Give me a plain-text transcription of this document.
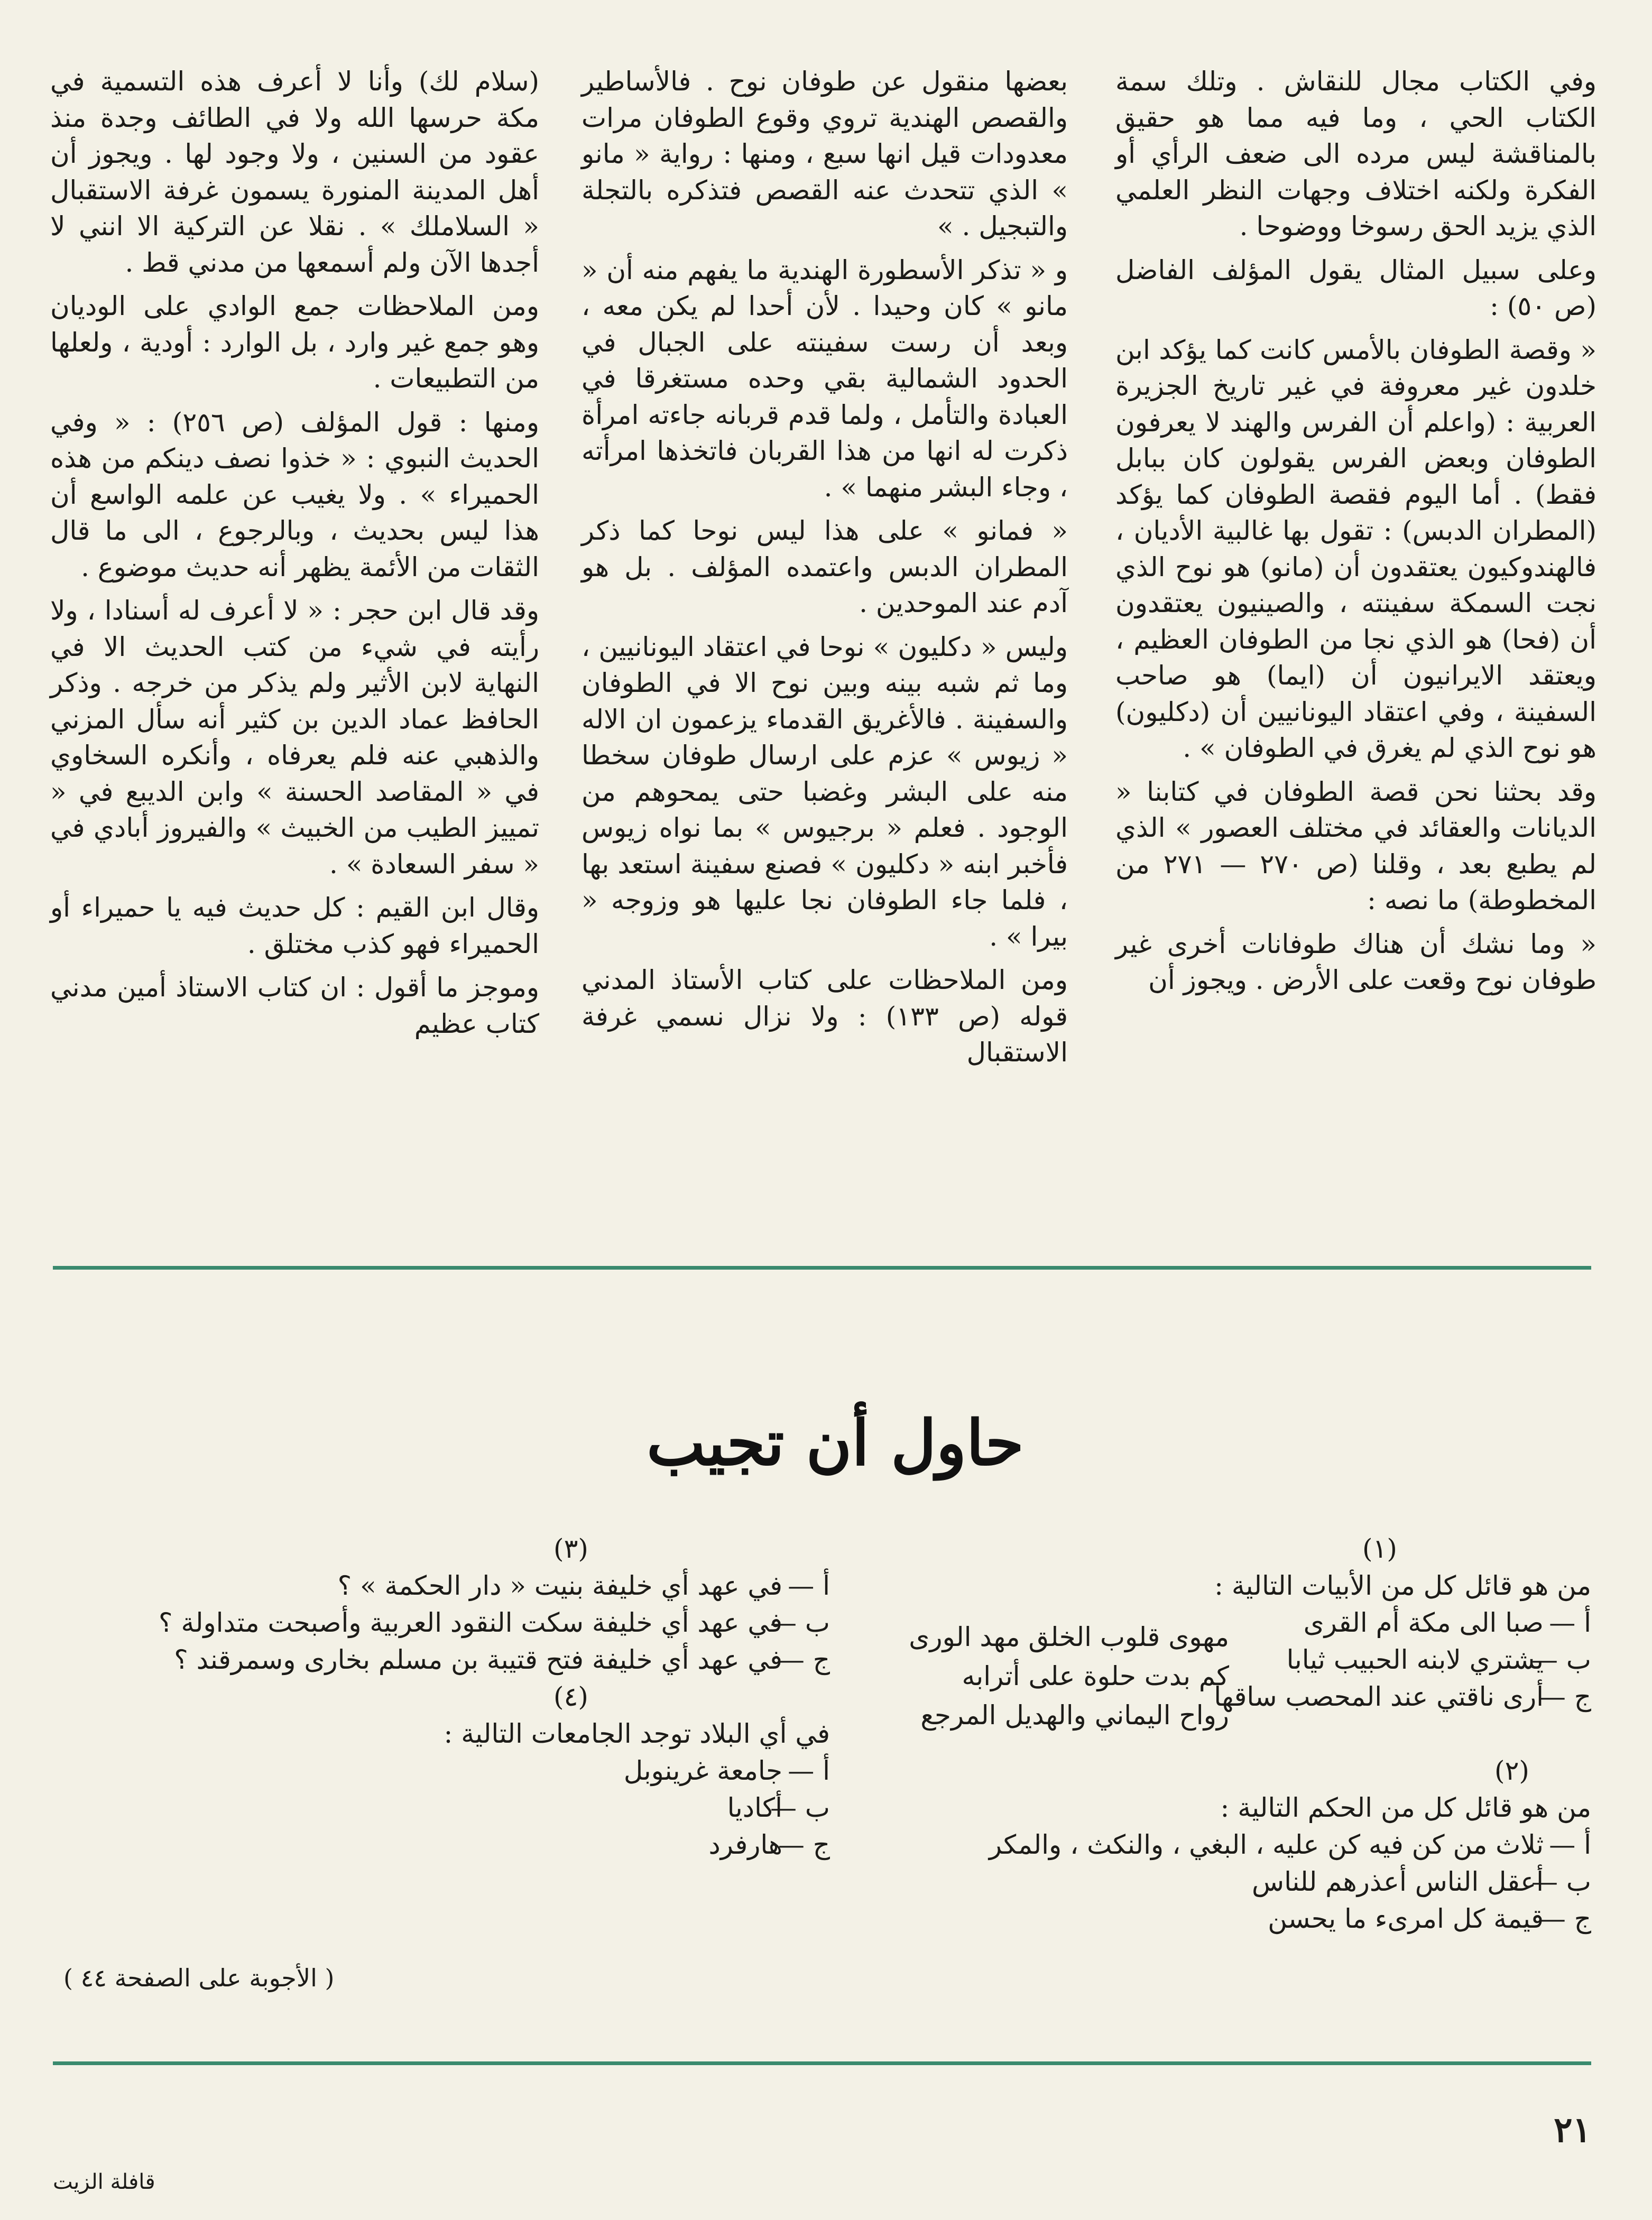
وفي الكتاب مجال للنقاش . وتلك سمة الكتاب الحي ، وما فيه مما هو حقيق بالمناقشة ليس مرده الى ضعف الرأي أو الفكرة ولكنه اختلاف وجهات النظر العلمي الذي يزيد الحق رسوخا ووضوحا .

وعلى سبيل المثال يقول المؤلف الفاضل (ص ٥٠) :

« وقصة الطوفان بالأمس كانت كما يؤكد ابن خلدون غير معروفة في غير تاريخ الجزيرة العربية : (واعلم أن الفرس والهند لا يعرفون الطوفان وبعض الفرس يقولون كان ببابل فقط) . أما اليوم فقصة الطوفان كما يؤكد (المطران الدبس) : تقول بها غالبية الأديان ، فالهندوكيون يعتقدون أن (مانو) هو نوح الذي نجت السمكة سفينته ، والصينيون يعتقدون أن (فحا) هو الذي نجا من الطوفان العظيم ، ويعتقد الايرانيون أن (ايما) هو صاحب السفينة ، وفي اعتقاد اليونانيين أن (دكليون) هو نوح الذي لم يغرق في الطوفان » .

وقد بحثنا نحن قصة الطوفان في كتابنا « الديانات والعقائد في مختلف العصور » الذي لم يطبع بعد ، وقلنا (ص ٢٧٠ — ٢٧١ من المخطوطة) ما نصه :

« وما نشك أن هناك طوفانات أخرى غير طوفان نوح وقعت على الأرض . ويجوز أن

بعضها منقول عن طوفان نوح . فالأساطير والقصص الهندية تروي وقوع الطوفان مرات معدودات قيل انها سبع ، ومنها : رواية « مانو » الذي تتحدث عنه القصص فتذكره بالتجلة والتبجيل . »

و « تذكر الأسطورة الهندية ما يفهم منه أن « مانو » كان وحيدا . لأن أحدا لم يكن معه ، وبعد أن رست سفينته على الجبال في الحدود الشمالية بقي وحده مستغرقا في العبادة والتأمل ، ولما قدم قربانه جاءته امرأة ذكرت له انها من هذا القربان فاتخذها امرأته ، وجاء البشر منهما » .

« فمانو » على هذا ليس نوحا كما ذكر المطران الدبس واعتمده المؤلف . بل هو آدم عند الموحدين .

وليس « دكليون » نوحا في اعتقاد اليونانيين ، وما ثم شبه بينه وبين نوح الا في الطوفان والسفينة . فالأغريق القدماء يزعمون ان الاله « زيوس » عزم على ارسال طوفان سخطا منه على البشر وغضبا حتى يمحوهم من الوجود . فعلم « برجيوس » بما نواه زيوس فأخبر ابنه « دكليون » فصنع سفينة استعد بها ، فلما جاء الطوفان نجا عليها هو وزوجه « بيرا » .

ومن الملاحظات على كتاب الأستاذ المدني قوله (ص ١٣٣) : ولا نزال نسمي غرفة الاستقبال

(سلام لك) وأنا لا أعرف هذه التسمية في مكة حرسها الله ولا في الطائف وجدة منذ عقود من السنين ، ولا وجود لها . ويجوز أن أهل المدينة المنورة يسمون غرفة الاستقبال « السلاملك » . نقلا عن التركية الا انني لا أجدها الآن ولم أسمعها من مدني قط .

ومن الملاحظات جمع الوادي على الوديان وهو جمع غير وارد ، بل الوارد : أودية ، ولعلها من التطبيعات .

ومنها : قول المؤلف (ص ٢٥٦) : « وفي الحديث النبوي : « خذوا نصف دينكم من هذه الحميراء » . ولا يغيب عن علمه الواسع أن هذا ليس بحديث ، وبالرجوع ، الى ما قال الثقات من الأئمة يظهر أنه حديث موضوع .

وقد قال ابن حجر : « لا أعرف له أسنادا ، ولا رأيته في شيء من كتب الحديث الا في النهاية لابن الأثير ولم يذكر من خرجه . وذكر الحافظ عماد الدين بن كثير أنه سأل المزني والذهبي عنه فلم يعرفاه ، وأنكره السخاوي في « المقاصد الحسنة » وابن الديبع في « تمييز الطيب من الخبيث » والفيروز أبادي في « سفر السعادة » .

وقال ابن القيم : كل حديث فيه يا حميراء أو الحميراء فهو كذب مختلق .

وموجز ما أقول : ان كتاب الاستاذ أمين مدني كتاب عظيم

حاول أن تجيب

(١)

من هو قائل كل من الأبيات التالية :

أ —صبا الى مكة أم القرى

ب —يشتري لابنه الحبيب ثيابا

ج —أرى ناقتي عند المحصب ساقها

مهوى قلوب الخلق مهد الورى

كم بدت حلوة على أترابه

رواح اليماني والهديل المرجع

(٢)

من هو قائل كل من الحكم التالية :

أ —ثلاث من كن فيه كن عليه ، البغي ، والنكث ، والمكر

ب —أعقل الناس أعذرهم للناس

ج —قيمة كل امرىء ما يحسن

(٣)

أ —في عهد أي خليفة بنيت « دار الحكمة » ؟

ب —في عهد أي خليفة سكت النقود العربية وأصبحت متداولة ؟

ج —في عهد أي خليفة فتح قتيبة بن مسلم بخارى وسمرقند ؟

(٤)

في أي البلاد توجد الجامعات التالية :

أ —جامعة غرينوبل

ب —أكاديا

ج —هارفرد

( الأجوبة على الصفحة ٤٤ )
٢١
قافلة الزيت
